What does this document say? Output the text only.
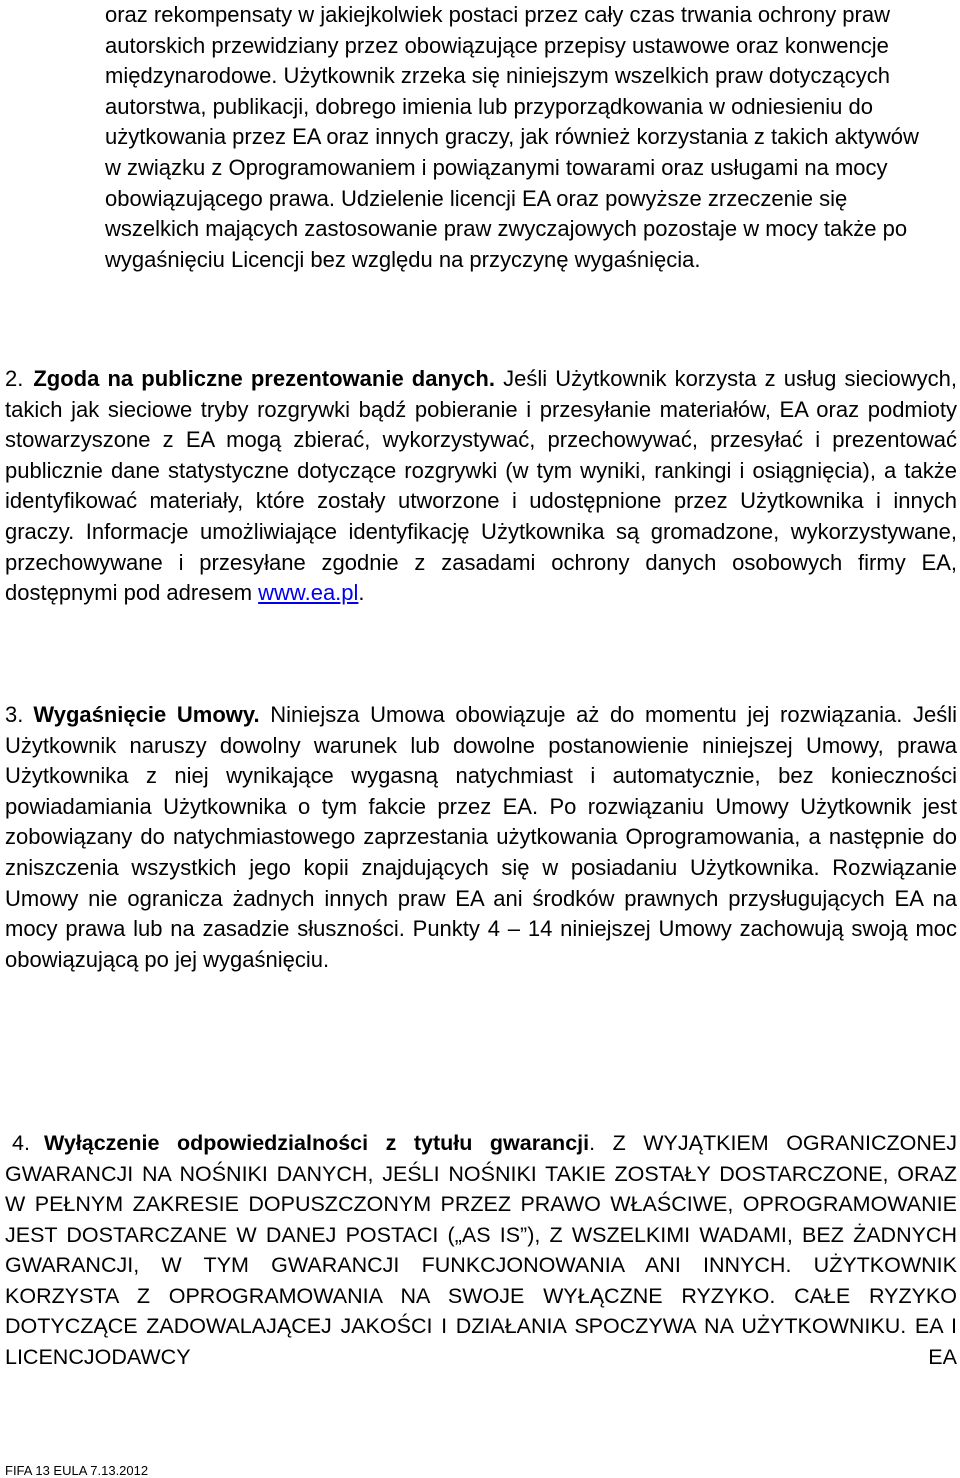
oraz rekompensaty w jakiejkolwiek postaci przez cały czas trwania ochrony praw autorskich przewidziany przez obowiązujące przepisy ustawowe oraz konwencje międzynarodowe. Użytkownik zrzeka się niniejszym wszelkich praw dotyczących autorstwa, publikacji, dobrego imienia lub przyporządkowania w odniesieniu do użytkowania przez EA oraz innych graczy, jak również korzystania z takich aktywów w związku z Oprogramowaniem i powiązanymi towarami oraz usługami na mocy obowiązującego prawa. Udzielenie licencji EA oraz powyższe zrzeczenie się wszelkich mających zastosowanie praw zwyczajowych pozostaje w mocy także po wygaśnięciu Licencji bez względu na przyczynę wygaśnięcia.
2. Zgoda na publiczne prezentowanie danych. Jeśli Użytkownik korzysta z usług sieciowych, takich jak sieciowe tryby rozgrywki bądź pobieranie i przesyłanie materiałów, EA oraz podmioty stowarzyszone z EA mogą zbierać, wykorzystywać, przechowywać, przesyłać i prezentować publicznie dane statystyczne dotyczące rozgrywki (w tym wyniki, rankingi i osiągnięcia), a także identyfikować materiały, które zostały utworzone i udostępnione przez Użytkownika i innych graczy. Informacje umożliwiające identyfikację Użytkownika są gromadzone, wykorzystywane, przechowywane i przesyłane zgodnie z zasadami ochrony danych osobowych firmy EA, dostępnymi pod adresem www.ea.pl.
3. Wygaśnięcie Umowy. Niniejsza Umowa obowiązuje aż do momentu jej rozwiązania. Jeśli Użytkownik naruszy dowolny warunek lub dowolne postanowienie niniejszej Umowy, prawa Użytkownika z niej wynikające wygasną natychmiast i automatycznie, bez konieczności powiadamiania Użytkownika o tym fakcie przez EA. Po rozwiązaniu Umowy Użytkownik jest zobowiązany do natychmiastowego zaprzestania użytkowania Oprogramowania, a następnie do zniszczenia wszystkich jego kopii znajdujących się w posiadaniu Użytkownika. Rozwiązanie Umowy nie ogranicza żadnych innych praw EA ani środków prawnych przysługujących EA na mocy prawa lub na zasadzie słuszności. Punkty 4 – 14 niniejszej Umowy zachowują swoją moc obowiązującą po jej wygaśnięciu.
4. Wyłączenie odpowiedzialności z tytułu gwarancji. Z WYJĄTKIEM OGRANICZONEJ GWARANCJI NA NOŚNIKI DANYCH, JEŚLI NOŚNIKI TAKIE ZOSTAŁY DOSTARCZONE, ORAZ W PEŁNYM ZAKRESIE DOPUSZCZONYM PRZEZ PRAWO WŁAŚCIWE, OPROGRAMOWANIE JEST DOSTARCZANE W DANEJ POSTACI („AS IS”), Z WSZELKIMI WADAMI, BEZ ŻADNYCH GWARANCJI, W TYM GWARANCJI FUNKCJONOWANIA ANI INNYCH. UŻYTKOWNIK KORZYSTA Z OPROGRAMOWANIA NA SWOJE WYŁĄCZNE RYZYKO. CAŁE RYZYKO DOTYCZĄCE ZADOWALAJĄCEJ JAKOŚCI I DZIAŁANIA SPOCZYWA NA UŻYTKOWNIKU. EA I LICENCJODAWCY EA
FIFA 13 EULA 7.13.2012
